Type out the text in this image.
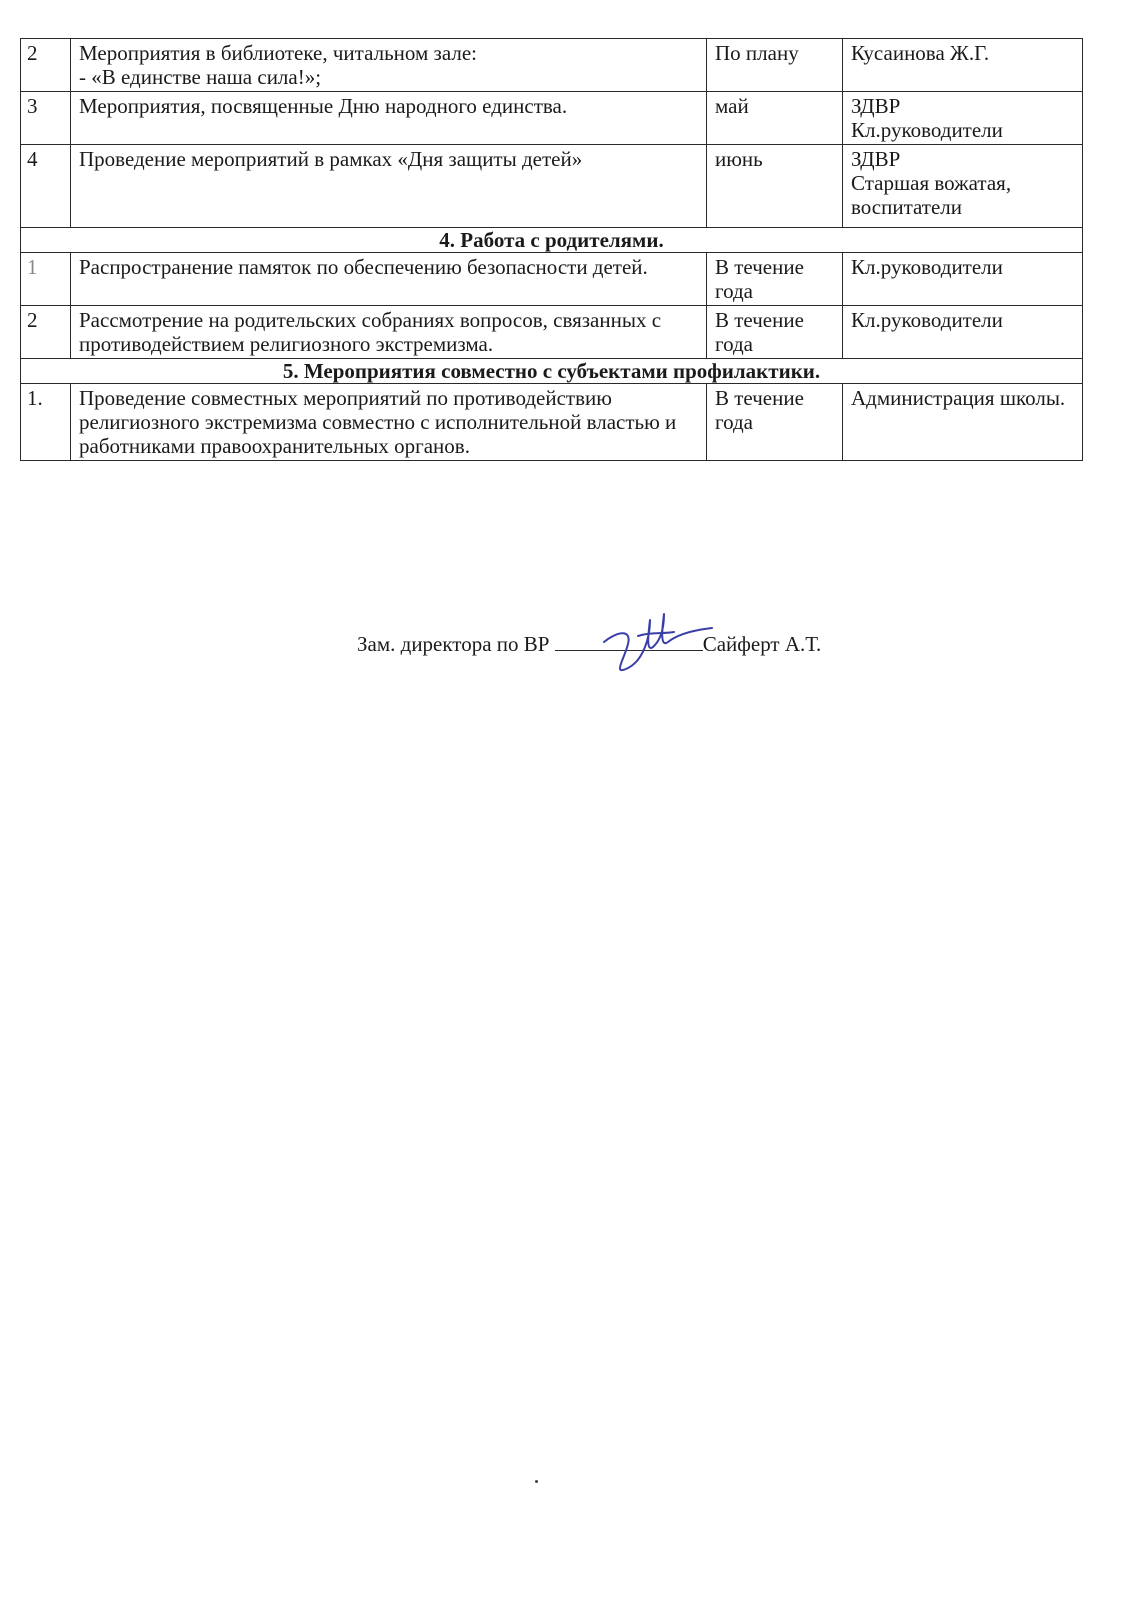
2	Мероприятия в библиотеке, читальном зале:
- «В единстве наша сила!»;	По плану	Кусаинова Ж.Г.

3	Мероприятия, посвященные Дню народного единства.	май	ЗДВР
Кл.руководители

4	Проведение мероприятий в рамках «Дня защиты детей»	июнь	ЗДВР
Старшая вожатая,
воспитатели

4. Работа с родителями.			
1	Распространение памяток по обеспечению безопасности детей.	В течение года	Кл.руководители
2	Рассмотрение на родительских собраниях вопросов, связанных с противодействием религиозного экстремизма.	В течение года	Кл.руководители
5. Мероприятия совместно с субъектами профилактики.			
1.	Проведение совместных мероприятий по противодействию религиозного экстремизма совместно с исполнительной властью и работниками правоохранительных органов.	В течение года	Администрация школы.
Зам. директора по ВР	Сайферт А.Т.
